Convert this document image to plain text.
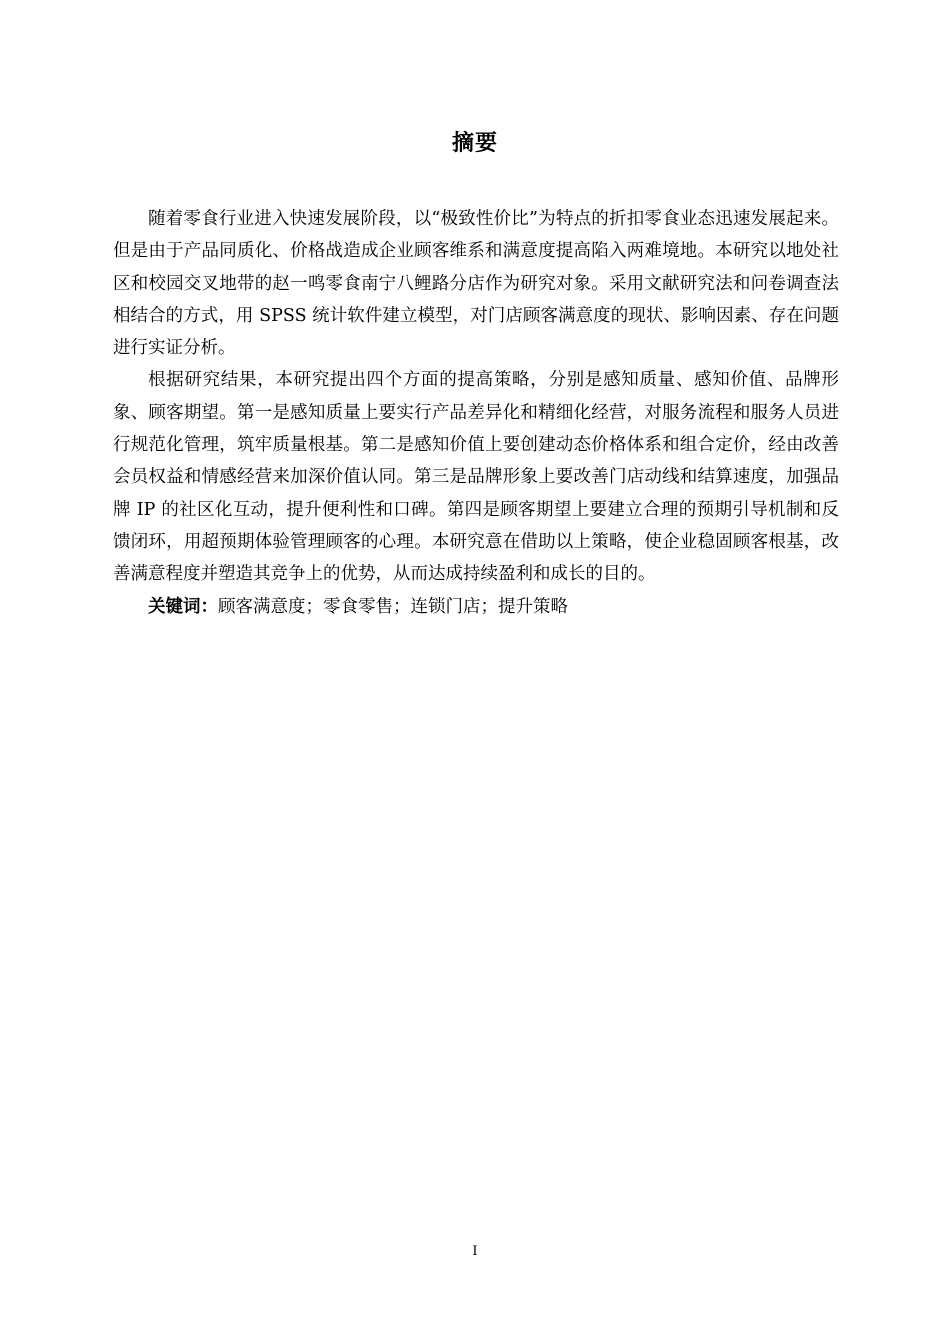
摘要

随着零食行业进入快速发展阶段，以“极致性价比”为特点的折扣零食业态迅速发展起来。但是由于产品同质化、价格战造成企业顾客维系和满意度提高陷入两难境地。本研究以地处社区和校园交叉地带的赵一鸣零食南宁八鲤路分店作为研究对象。采用文献研究法和问卷调查法相结合的方式，用 SPSS 统计软件建立模型，对门店顾客满意度的现状、影响因素、存在问题进行实证分析。

根据研究结果，本研究提出四个方面的提高策略，分别是感知质量、感知价值、品牌形象、顾客期望。第一是感知质量上要实行产品差异化和精细化经营，对服务流程和服务人员进行规范化管理，筑牢质量根基。第二是感知价值上要创建动态价格体系和组合定价，经由改善会员权益和情感经营来加深价值认同。第三是品牌形象上要改善门店动线和结算速度，加强品牌 IP 的社区化互动，提升便利性和口碑。第四是顾客期望上要建立合理的预期引导机制和反馈闭环，用超预期体验管理顾客的心理。本研究意在借助以上策略，使企业稳固顾客根基，改善满意程度并塑造其竞争上的优势，从而达成持续盈利和成长的目的。

关键词：顾客满意度；零食零售；连锁门店；提升策略

I
